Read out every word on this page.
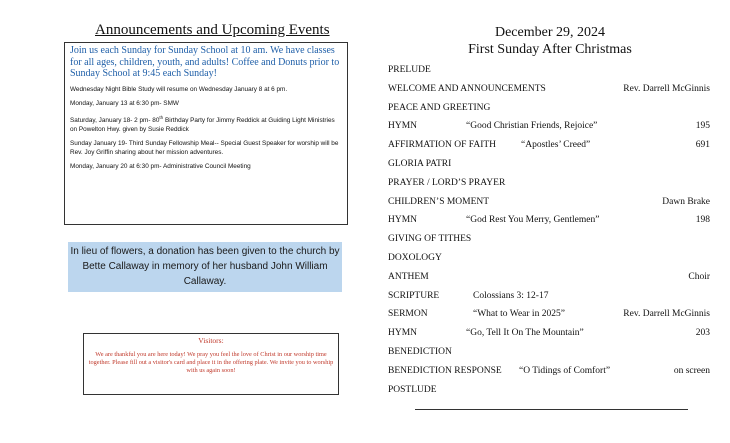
Announcements and Upcoming Events

Join us each Sunday for Sunday School at 10 am. We have classes for all ages, children, youth, and adults! Coffee and Donuts prior to Sunday School at 9:45 each Sunday!

Wednesday Night Bible Study will resume on Wednesday January 8 at 6 pm.

Monday, January 13 at 6:30 pm- SMW

Saturday, January 18- 2 pm- 80th Birthday Party for Jimmy Reddick at Guiding Light Ministries on Powelton Hwy. given by Susie Reddick

Sunday January 19- Third Sunday Fellowship Meal-- Special Guest Speaker for worship will be Rev. Joy Griffin sharing about her mission adventures.

Monday, January 20 at 6:30 pm- Administrative Council Meeting

In lieu of flowers, a donation has been given to the church by Bette Callaway in memory of her husband John William Callaway.
Visitors:
We are thankful you are here today! We pray you feel the love of Christ in our worship time together. Please fill out a visitor's card and place it in the offering plate. We invite you to worship with us again soon!
December 29, 2024
First Sunday After Christmas
PRELUDE
WELCOME AND ANNOUNCEMENTS	Rev. Darrell McGinnis
PEACE AND GREETING
HYMN	“Good Christian Friends, Rejoice”	195
AFFIRMATION OF FAITH	“Apostles’ Creed”	691
GLORIA PATRI
PRAYER / LORD’S PRAYER
CHILDREN’S MOMENT	Dawn Brake
HYMN	“God Rest You Merry, Gentlemen”	198
GIVING OF TITHES
DOXOLOGY
ANTHEM	Choir
SCRIPTURE	Colossians 3: 12-17
SERMON	“What to Wear in 2025”	Rev. Darrell McGinnis
HYMN	“Go, Tell It On The Mountain”	203
BENEDICTION
BENEDICTION RESPONSE “O Tidings of Comfort”	on screen
POSTLUDE
